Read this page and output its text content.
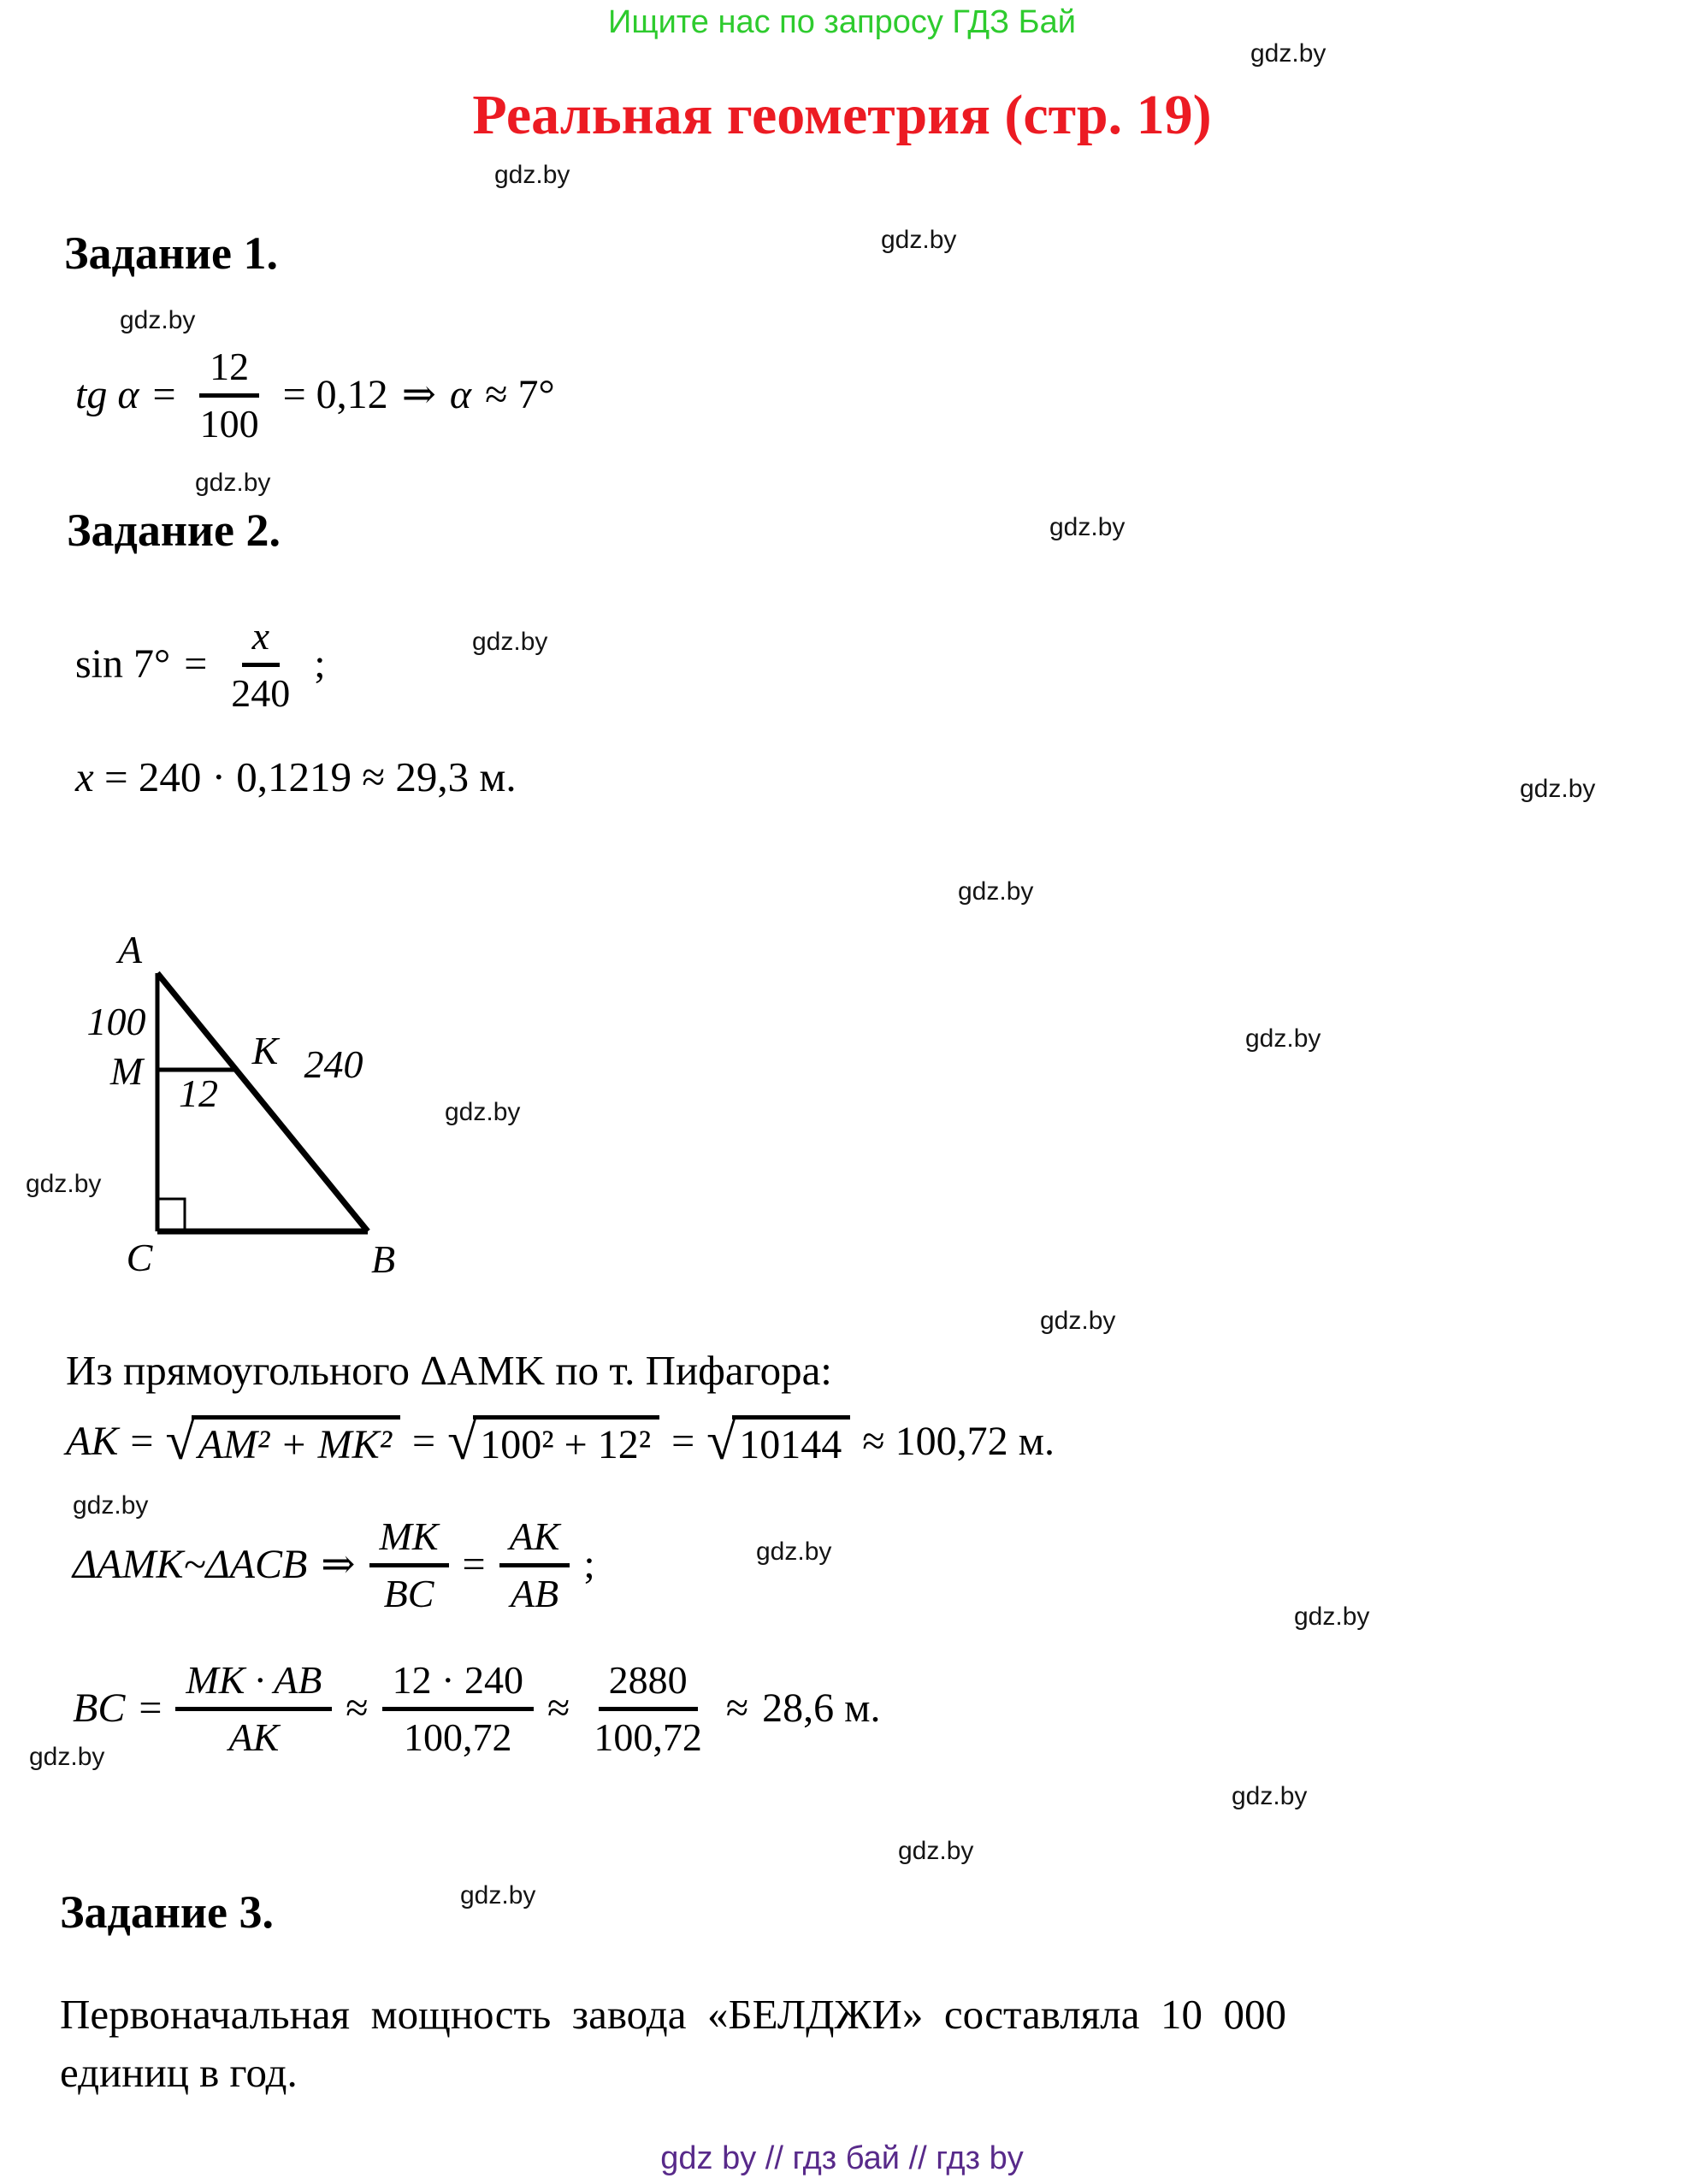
Ищите нас по запросу ГДЗ Бай
gdz.by
gdz.by
gdz.by
gdz.by
gdz.by
gdz.by
gdz.by
gdz.by
gdz.by
gdz.by
gdz.by
gdz.by
gdz.by
gdz.by
gdz.by
gdz.by
gdz.by
gdz.by
gdz.by
gdz.by
Реальная геометрия (стр. 19)
Задание 1.
tg $\alpha = \frac{12}{100} = 0,12$ ⇒ α ≈ 7°
Задание 2.
$\sin 7^\circ = \frac{x}{240}$ ;

x = 240 · 0,1219 ≈ 29,3 м.

A
100
M	K 240
12
C	B

Из прямоугольного ΔAMK по т. Пифагора:

AK = √ AM² + MK² = √ 100² + 12² = √ 10144 ≈ 100,72 м.
ΔAMK~ΔACB ⇒ $\frac{MK}{BC} = \frac{AK}{AB}$ ;
BC = $\frac{MK \cdot AB}{AK} \approx \frac{12 \cdot 240}{100,72} \approx \frac{2880}{100,72} \approx 28,6$ м.
Задание 3.
Первоначальная мощность завода «БЕЛДЖИ» составляла 10 000
единиц в год.
gdz by // гдз бай // гдз by
